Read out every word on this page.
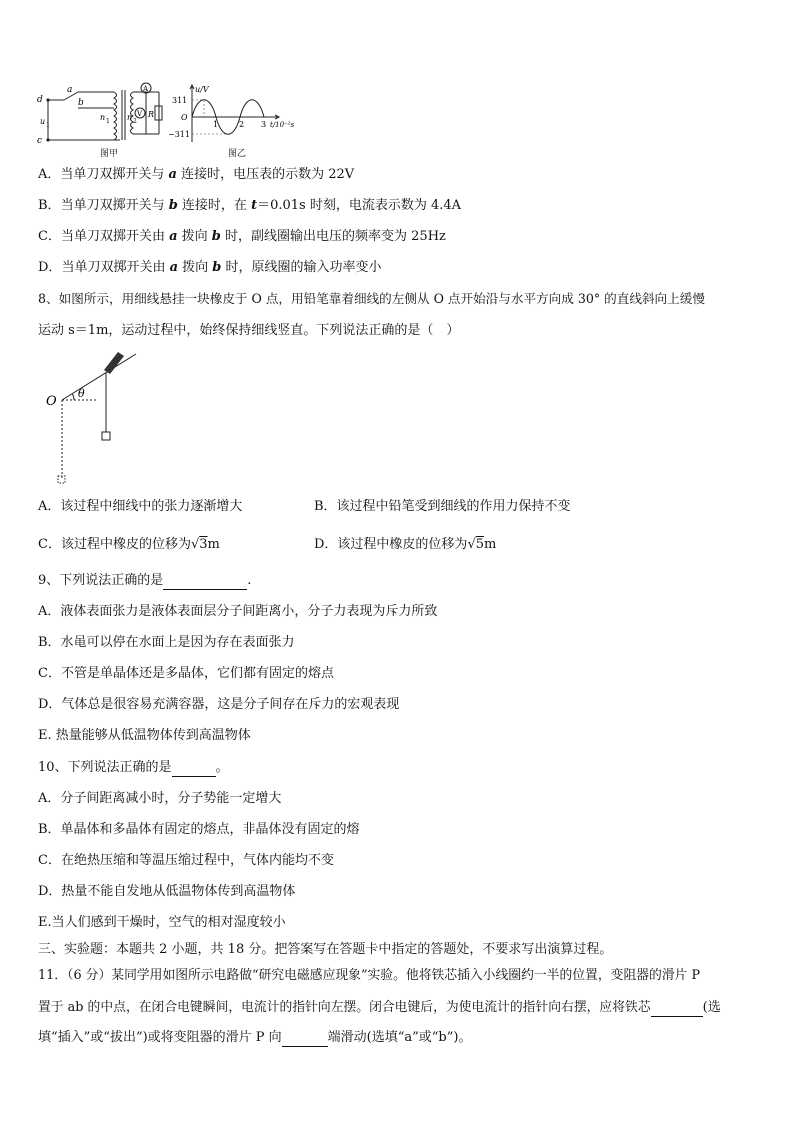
d
c
a
b
u 1
n 1 n 2
A
V R
图甲
u/V
311
O
−311
1	2 3 t/10⁻²s
图乙
A．当单刀双掷开关与 a 连接时，电压表的示数为 22V
B．当单刀双掷开关与 b 连接时，在 t＝0.01s 时刻，电流表示数为 4.4A
C．当单刀双掷开关由 a 拨向 b 时，副线圈输出电压的频率变为 25Hz
D．当单刀双掷开关由 a 拨向 b 时，原线圈的输入功率变小
8、如图所示，用细线悬挂一块橡皮于 O 点，用铅笔靠着细线的左侧从 O 点开始沿与水平方向成 30° 的直线斜向上缓慢
运动 s＝1m，运动过程中，始终保持细线竖直。下列说法正确的是（　）
O
θ
A．该过程中细线中的张力逐渐增大	B．该过程中铅笔受到细线的作用力保持不变
C．该过程中橡皮的位移为√3m	D．该过程中橡皮的位移为√5m
9、下列说法正确的是	.
A．液体表面张力是液体表面层分子间距离小，分子力表现为斥力所致
B．水黾可以停在水面上是因为存在表面张力
C．不管是单晶体还是多晶体，它们都有固定的熔点
D．气体总是很容易充满容器，这是分子间存在斥力的宏观表现
E. 热量能够从低温物体传到高温物体
10、下列说法正确的是	。
A．分子间距离减小时，分子势能一定增大
B．单晶体和多晶体有固定的熔点，非晶体没有固定的熔
C．在绝热压缩和等温压缩过程中，气体内能均不变
D．热量不能自发地从低温物体传到高温物体
E.当人们感到干燥时，空气的相对湿度较小
三、实验题：本题共 2 小题，共 18 分。把答案写在答题卡中指定的答题处，不要求写出演算过程。
11．（6 分）某同学用如图所示电路做“研究电磁感应现象”实验。他将铁芯插入小线圈约一半的位置，变阻器的滑片 P
置于 ab 的中点，在闭合电键瞬间，电流计的指针向左摆。闭合电键后，为使电流计的指针向右摆，应将铁芯	(选
填“插入”或“拔出”)或将变阻器的滑片 P 向	端滑动(选填“a”或“b”)。
